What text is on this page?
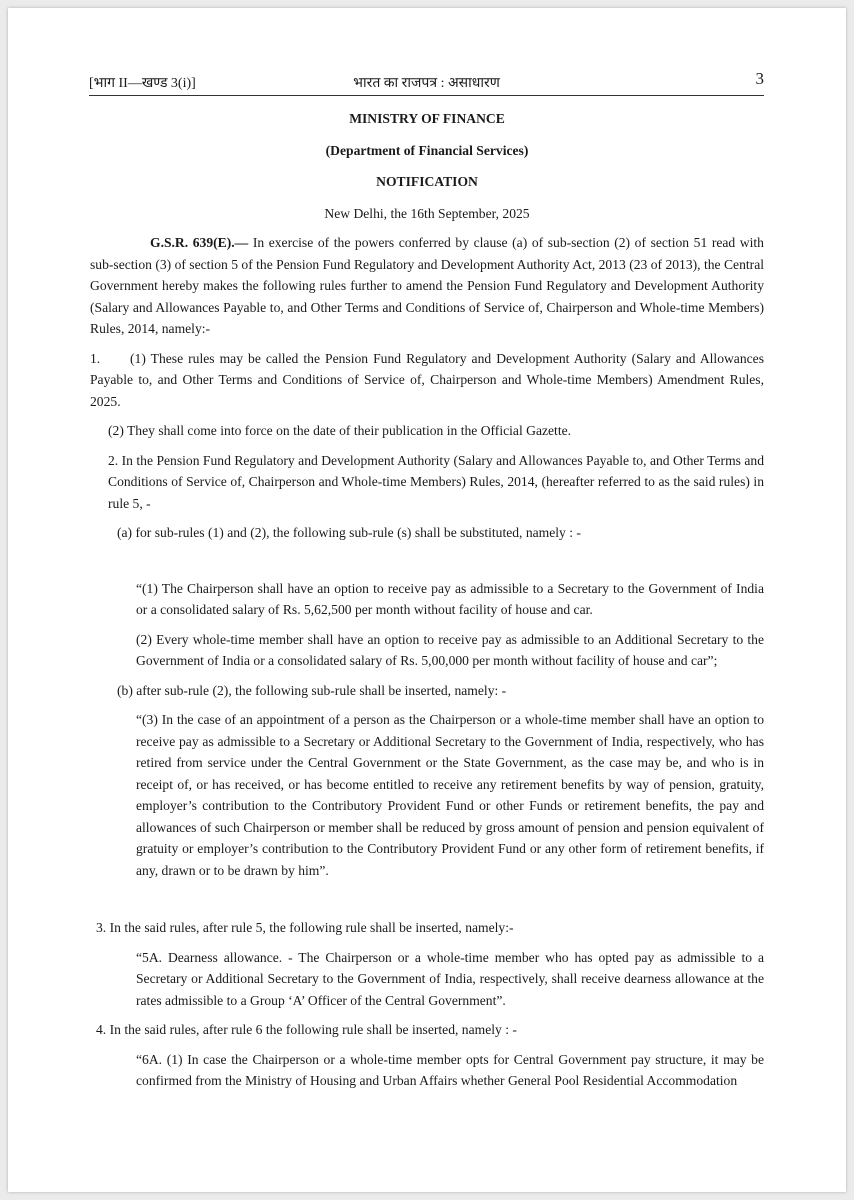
[भाग II—खण्ड 3(i)]	भारत का राजपत्र : असाधारण	3
MINISTRY OF FINANCE
(Department of Financial Services)
NOTIFICATION
New Delhi, the 16th September, 2025

G.S.R. 639(E).— In exercise of the powers conferred by clause (a) of sub-section (2) of section 51 read with sub-section (3) of section 5 of the Pension Fund Regulatory and Development Authority Act, 2013 (23 of 2013), the Central Government hereby makes the following rules further to amend the Pension Fund Regulatory and Development Authority (Salary and Allowances Payable to, and Other Terms and Conditions of Service of, Chairperson and Whole-time Members) Rules, 2014, namely:-

1. (1) These rules may be called the Pension Fund Regulatory and Development Authority (Salary and Allowances Payable to, and Other Terms and Conditions of Service of, Chairperson and Whole-time Members) Amendment Rules, 2025.

(2) They shall come into force on the date of their publication in the Official Gazette.

2. In the Pension Fund Regulatory and Development Authority (Salary and Allowances Payable to, and Other Terms and Conditions of Service of, Chairperson and Whole-time Members) Rules, 2014, (hereafter referred to as the said rules) in rule 5, -

(a) for sub-rules (1) and (2), the following sub-rule (s) shall be substituted, namely : -

“(1) The Chairperson shall have an option to receive pay as admissible to a Secretary to the Government of India or a consolidated salary of Rs. 5,62,500 per month without facility of house and car.

(2) Every whole-time member shall have an option to receive pay as admissible to an Additional Secretary to the Government of India or a consolidated salary of Rs. 5,00,000 per month without facility of house and car”;

(b) after sub-rule (2), the following sub-rule shall be inserted, namely: -

“(3) In the case of an appointment of a person as the Chairperson or a whole-time member shall have an option to receive pay as admissible to a Secretary or Additional Secretary to the Government of India, respectively, who has retired from service under the Central Government or the State Government, as the case may be, and who is in receipt of, or has received, or has become entitled to receive any retirement benefits by way of pension, gratuity, employer’s contribution to the Contributory Provident Fund or other Funds or retirement benefits, the pay and allowances of such Chairperson or member shall be reduced by gross amount of pension and pension equivalent of gratuity or employer’s contribution to the Contributory Provident Fund or any other form of retirement benefits, if any, drawn or to be drawn by him”.

3. In the said rules, after rule 5, the following rule shall be inserted, namely:-

“5A. Dearness allowance. - The Chairperson or a whole-time member who has opted pay as admissible to a Secretary or Additional Secretary to the Government of India, respectively, shall receive dearness allowance at the rates admissible to a Group ‘A’ Officer of the Central Government”.

4. In the said rules, after rule 6 the following rule shall be inserted, namely : -

“6A. (1) In case the Chairperson or a whole-time member opts for Central Government pay structure, it may be confirmed from the Ministry of Housing and Urban Affairs whether General Pool Residential Accommodation
